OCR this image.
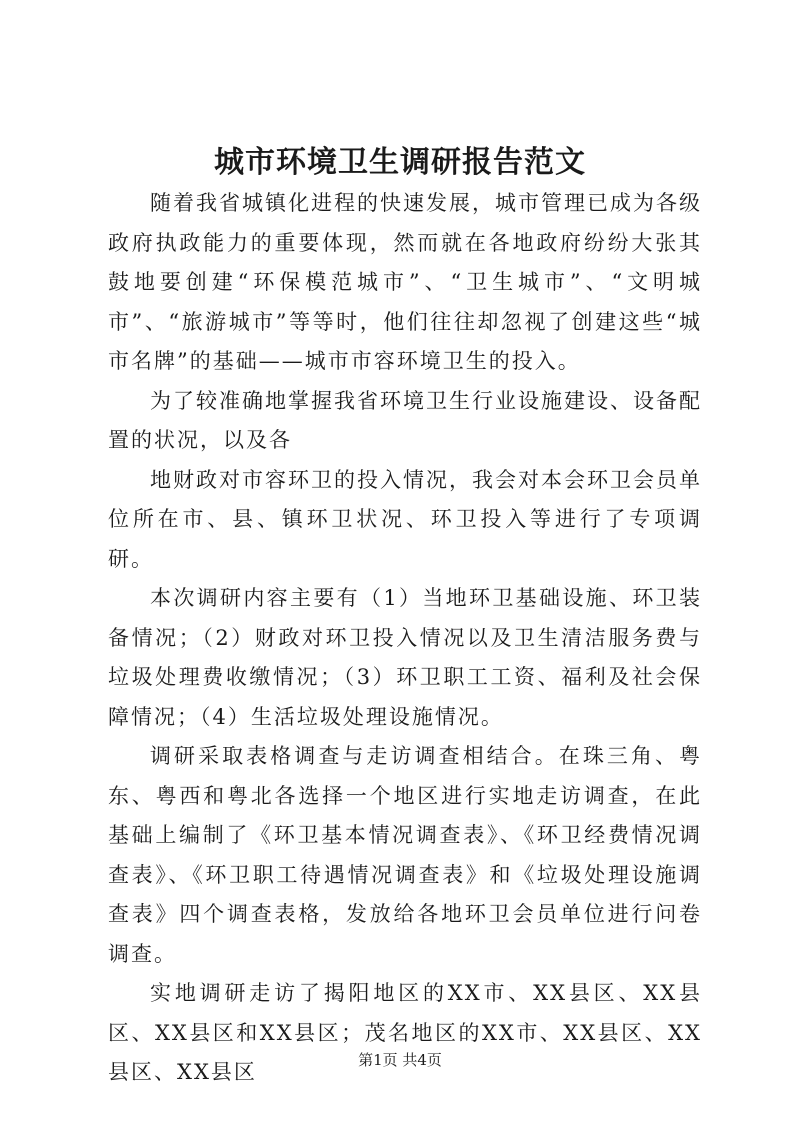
城市环境卫生调研报告范文

随着我省城镇化进程的快速发展，城市管理已成为各级政府执政能力的重要体现，然而就在各地政府纷纷大张其鼓地要创建“环保模范城市”、“卫生城市”、“文明城市”、“旅游城市”等等时，他们往往却忽视了创建这些“城市名牌”的基础——城市市容环境卫生的投入。

为了较准确地掌握我省环境卫生行业设施建设、设备配置的状况，以及各

地财政对市容环卫的投入情况，我会对本会环卫会员单位所在市、县、镇环卫状况、环卫投入等进行了专项调研。

本次调研内容主要有（1）当地环卫基础设施、环卫装备情况；（2）财政对环卫投入情况以及卫生清洁服务费与垃圾处理费收缴情况；（3）环卫职工工资、福利及社会保障情况；（4）生活垃圾处理设施情况。

调研采取表格调查与走访调查相结合。在珠三角、粤东、粤西和粤北各选择一个地区进行实地走访调查，在此基础上编制了《环卫基本情况调查表》、《环卫经费情况调查表》、《环卫职工待遇情况调查表》和《垃圾处理设施调查表》四个调查表格，发放给各地环卫会员单位进行问卷调查。

实地调研走访了揭阳地区的XX市、XX县区、XX县区、XX县区和XX县区；茂名地区的XX市、XX县区、XX县区、XX县区	第1页 共4页
